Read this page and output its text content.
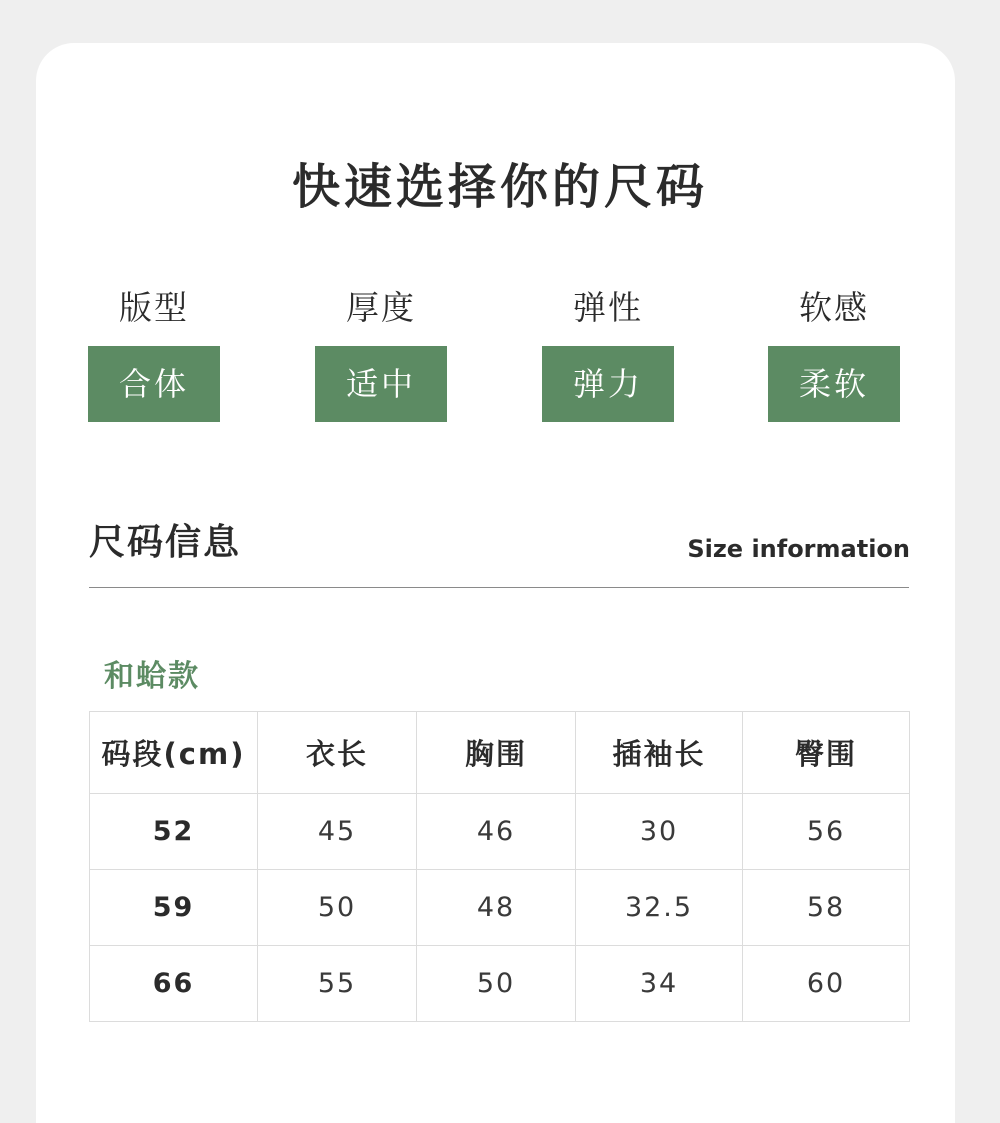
快速选择你的尺码
版型
合体
厚度
适中
弹性
弹力
软感
柔软
尺码信息	Size information
和蛤款
码段(cm)	衣长	胸围	插袖长	臀围
52	45	46	30	56
59	50	48	32.5	58
66	55	50	34	60
